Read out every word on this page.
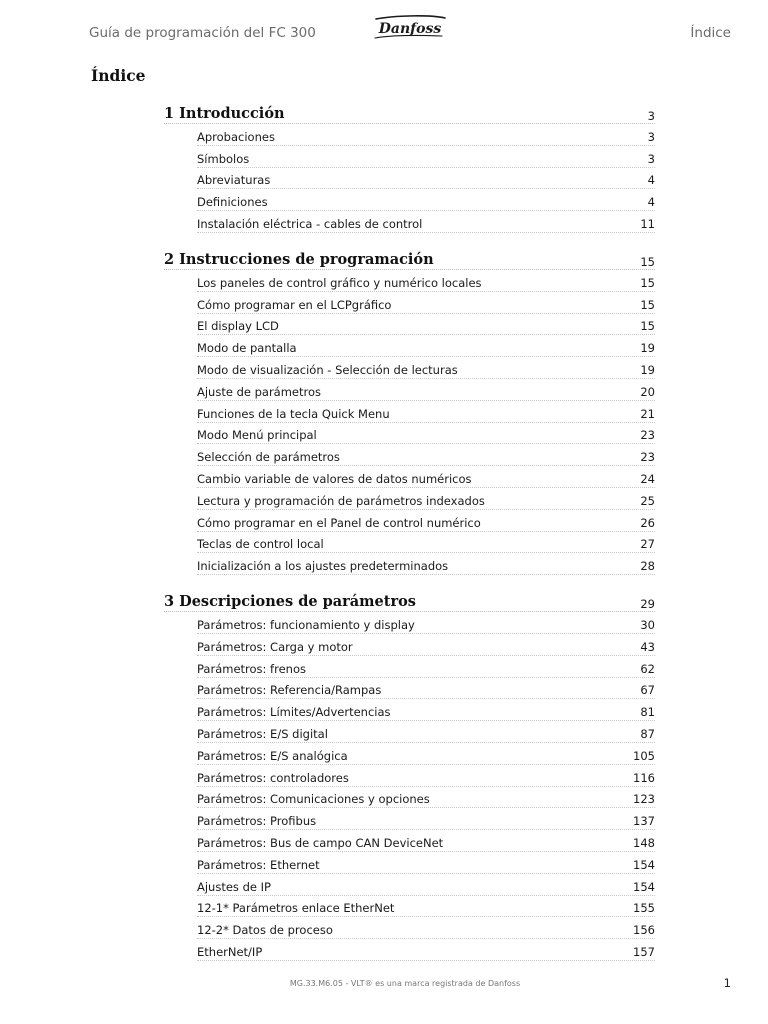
Guía de programación del FC 300	Danfoss	Índice
Índice
1 Introducción	3
Aprobaciones	3
Símbolos	3
Abreviaturas	4
Definiciones	4
Instalación eléctrica - cables de control	11
2 Instrucciones de programación	15
Los paneles de control gráfico y numérico locales	15
Cómo programar en el LCPgráfico	15
El display LCD	15
Modo de pantalla	19
Modo de visualización - Selección de lecturas	19
Ajuste de parámetros	20
Funciones de la tecla Quick Menu	21
Modo Menú principal	23
Selección de parámetros	23
Cambio variable de valores de datos numéricos	24
Lectura y programación de parámetros indexados	25
Cómo programar en el Panel de control numérico	26
Teclas de control local	27
Inicialización a los ajustes predeterminados	28
3 Descripciones de parámetros	29
Parámetros: funcionamiento y display	30
Parámetros: Carga y motor	43
Parámetros: frenos	62
Parámetros: Referencia/Rampas	67
Parámetros: Límites/Advertencias	81
Parámetros: E/S digital	87
Parámetros: E/S analógica	105
Parámetros: controladores	116
Parámetros: Comunicaciones y opciones	123
Parámetros: Profibus	137
Parámetros: Bus de campo CAN DeviceNet	148
Parámetros: Ethernet	154
Ajustes de IP	154
12-1* Parámetros enlace EtherNet	155
12-2* Datos de proceso	156
EtherNet/IP	157
MG.33.M6.05 - VLT® es una marca registrada de Danfoss	1
